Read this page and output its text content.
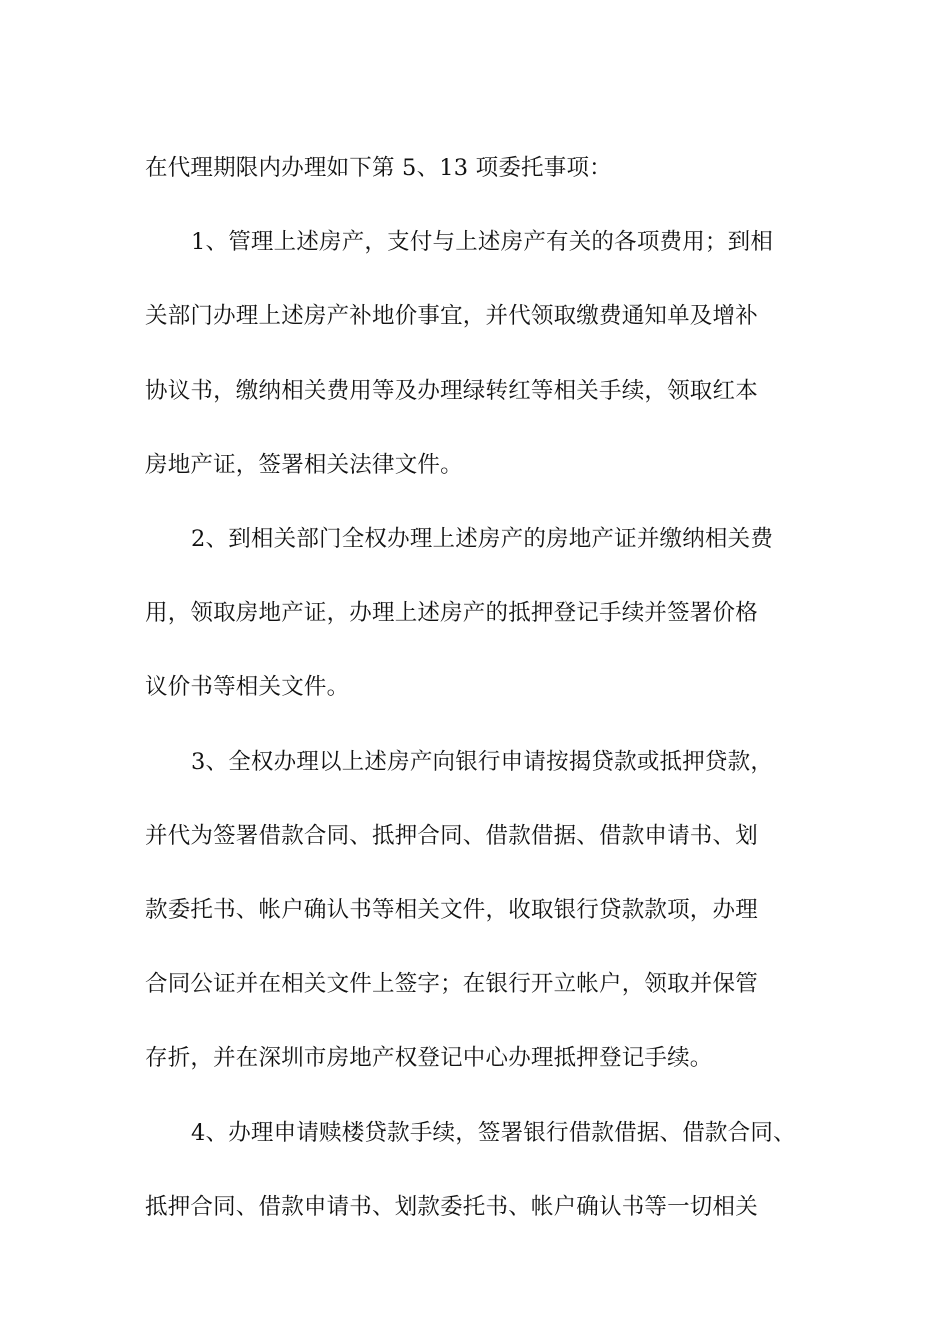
在代理期限内办理如下第 5、13 项委托事项：

1、管理上述房产，支付与上述房产有关的各项费用；到相
关部门办理上述房产补地价事宜，并代领取缴费通知单及增补
协议书，缴纳相关费用等及办理绿转红等相关手续，领取红本
房地产证，签署相关法律文件。

2、到相关部门全权办理上述房产的房地产证并缴纳相关费
用，领取房地产证，办理上述房产的抵押登记手续并签署价格
议价书等相关文件。

3、全权办理以上述房产向银行申请按揭贷款或抵押贷款，
并代为签署借款合同、抵押合同、借款借据、借款申请书、划
款委托书、帐户确认书等相关文件，收取银行贷款款项，办理
合同公证并在相关文件上签字；在银行开立帐户，领取并保管
存折，并在深圳市房地产权登记中心办理抵押登记手续。

4、办理申请赎楼贷款手续，签署银行借款借据、借款合同、
抵押合同、借款申请书、划款委托书、帐户确认书等一切相关
